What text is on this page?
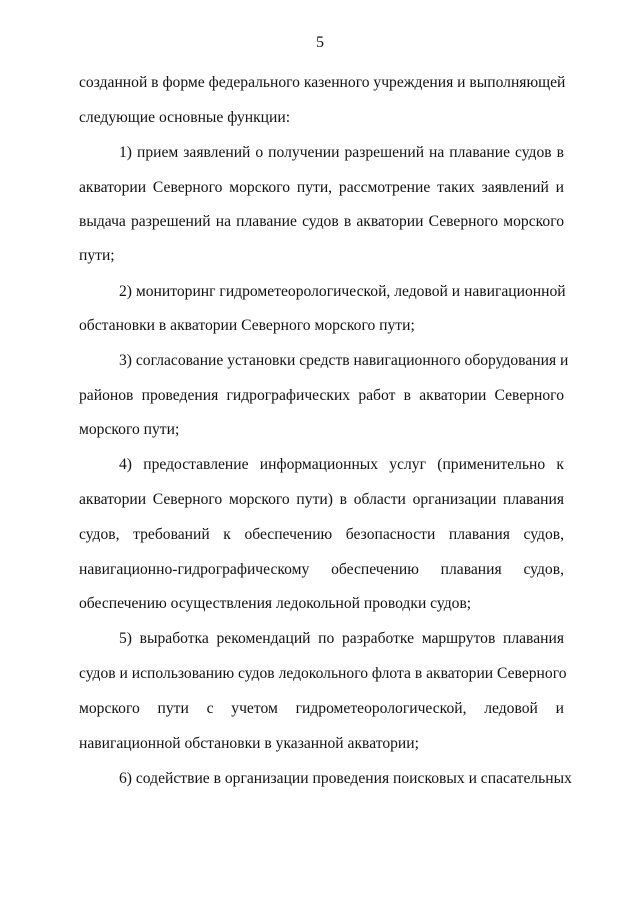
5
созданной в форме федерального казенного учреждения и выполняющей
следующие основные функции:
1) прием заявлений о получении разрешений на плавание судов в
акватории Северного морского пути, рассмотрение таких заявлений и
выдача разрешений на плавание судов в акватории Северного морского
пути;
2) мониторинг гидрометеорологической, ледовой и навигационной
обстановки в акватории Северного морского пути;
3) согласование установки средств навигационного оборудования и
районов проведения гидрографических работ в акватории Северного
морского пути;
4) предоставление информационных услуг (применительно к
акватории Северного морского пути) в области организации плавания
судов, требований к обеспечению безопасности плавания судов,
навигационно-гидрографическому обеспечению плавания судов,
обеспечению осуществления ледокольной проводки судов;
5) выработка рекомендаций по разработке маршрутов плавания
судов и использованию судов ледокольного флота в акватории Северного
морского пути с учетом гидрометеорологической, ледовой и
навигационной обстановки в указанной акватории;
6) содействие в организации проведения поисковых и спасательных
